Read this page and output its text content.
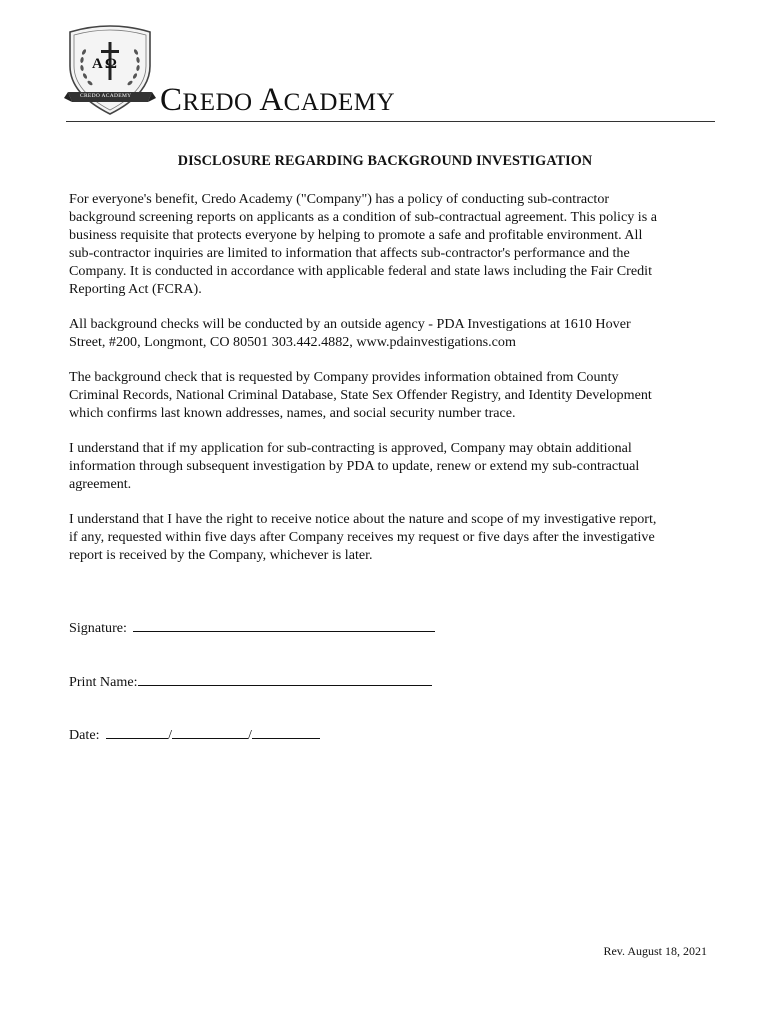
AΩ
CREDO ACADEMY CREDO ACADEMY
DISCLOSURE REGARDING BACKGROUND INVESTIGATION

For everyone's benefit, Credo Academy ("Company") has a policy of conducting sub-contractor
background screening reports on applicants as a condition of sub-contractual agreement. This policy is a
business requisite that protects everyone by helping to promote a safe and profitable environment. All
sub-contractor inquiries are limited to information that affects sub-contractor's performance and the
Company. It is conducted in accordance with applicable federal and state laws including the Fair Credit
Reporting Act (FCRA).

All background checks will be conducted by an outside agency - PDA Investigations at 1610 Hover
Street, #200, Longmont, CO 80501 303.442.4882, www.pdainvestigations.com

The background check that is requested by Company provides information obtained from County
Criminal Records, National Criminal Database, State Sex Offender Registry, and Identity Development
which confirms last known addresses, names, and social security number trace.

I understand that if my application for sub-contracting is approved, Company may obtain additional
information through subsequent investigation by PDA to update, renew or extend my sub-contractual
agreement.

I understand that I have the right to receive notice about the nature and scope of my investigative report,
if any, requested within five days after Company receives my request or five days after the investigative
report is received by the Company, whichever is later.

Signature:
Print Name:
Date:	/	/
Rev. August 18, 2021
